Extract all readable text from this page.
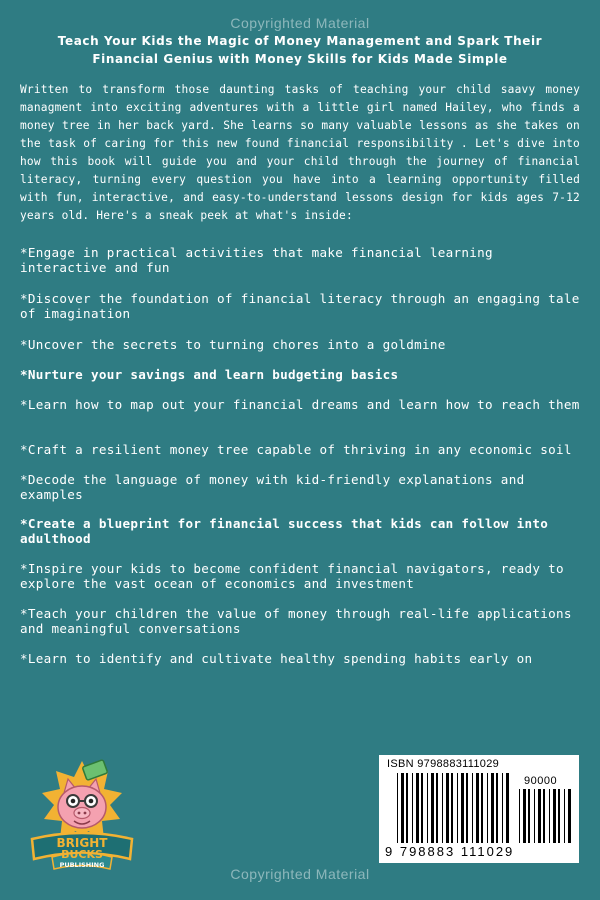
Copyrighted Material
Teach Your Kids the Magic of Money Management and Spark Their
Financial Genius with Money Skills for Kids Made Simple
Written to transform those daunting tasks of teaching your child saavy money managment into exciting adventures with a little girl named Hailey, who finds a money tree in her back yard. She learns so many valuable lessons as she takes on the task of caring for this new found financial responsibility . Let's dive into how this book will guide you and your child through the journey of financial literacy, turning every question you have into a learning opportunity filled with fun, interactive, and easy-to-understand lessons design for kids ages 7-12 years old. Here's a sneak peek at what's inside:
*Engage in practical activities that make financial learning interactive and fun
*Discover the foundation of financial literacy through an engaging tale of imagination
*Uncover the secrets to turning chores into a goldmine
*Nurture your savings and learn budgeting basics
*Learn how to map out your financial dreams and learn how to reach them
*Craft a resilient money tree capable of thriving in any economic soil
*Decode the language of money with kid-friendly explanations and examples
*Create a blueprint for financial success that kids can follow into adulthood
*Inspire your kids to become confident financial navigators, ready to explore the vast ocean of economics and investment
*Teach your children the value of money through real-life applications and meaningful conversations
*Learn to identify and cultivate healthy spending habits early on
BRIGHT
BUCKS
PUBLISHING
ISBN 9798883111029
90000
9 798883 111029
Copyrighted Material
